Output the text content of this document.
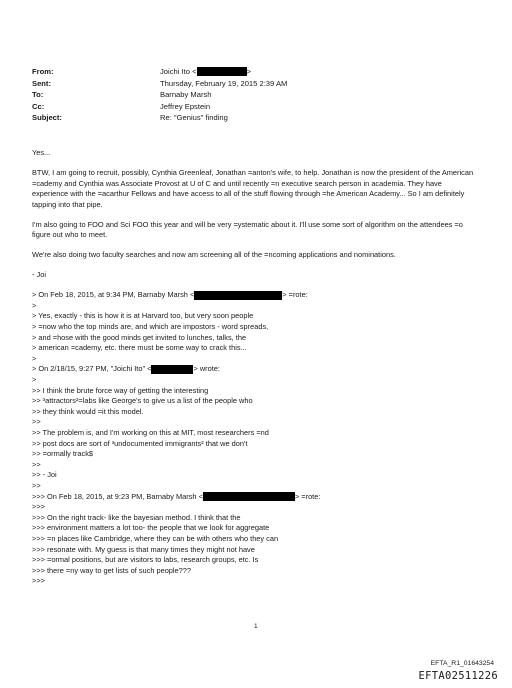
From:	Joichi Ito <	>
Sent:	Thursday, February 19, 2015 2:39 AM
To:	Barnaby Marsh
Cc:	Jeffrey Epstein
Subject:	Re: "Genius" finding
Yes...
BTW, I am going to recruit, possibly, Cynthia Greenleaf, Jonathan =anton's wife, to help. Jonathan is now the president of the American =cademy and Cynthia was Associate Provost at U of C and until recently =n executive search person in academia. They have experience with the =acarthur Fellows and have access to all of the stuff flowing through =he American Academy... So I am definitely tapping into that pipe.
I'm also going to FOO and Sci FOO this year and will be very =ystematic about it. I'll use some sort of algorithm on the attendees =o figure out who to meet.
We're also doing two faculty searches and now am screening all of the =ncoming applications and nominations.
- Joi
> On Feb 18, 2015, at 9:34 PM, Barnaby Marsh <	> =rote:
>
> Yes, exactly - this is how it is at Harvard too, but very soon people
> =now who the top minds are, and which are impostors - word spreads,
> and =hose with the good minds get invited to lunches, talks, the
> american =cademy, etc. there must be some way to crack this...
>
> On 2/18/15, 9:27 PM, "Joichi Ito" <	> wrote:
>
>> I think the brute force way of getting the interesting
>> ³attractors²=labs like George's to give us a list of the people who
>> they think would =it this model.
>>
>> The problem is, and I'm working on this at MIT, most researchers =nd
>> post docs are sort of ³undocumented immigrants² that we don't
>> =ormally track$
>>
>> - Joi
>>
>>> On Feb 18, 2015, at 9:23 PM, Barnaby Marsh <	> =rote:
>>>
>>> On the right track- like the bayesian method. I think that the
>>> environment matters a lot too- the people that we look for aggregate
>>> =n places like Cambridge, where they can be with others who they can
>>> resonate with. My guess is that many times they might not have
>>> =ormal positions, but are visitors to labs, research groups, etc. Is
>>> there =ny way to get lists of such people???
>>>
1
EFTA_R1_01643254
EFTA02511226
